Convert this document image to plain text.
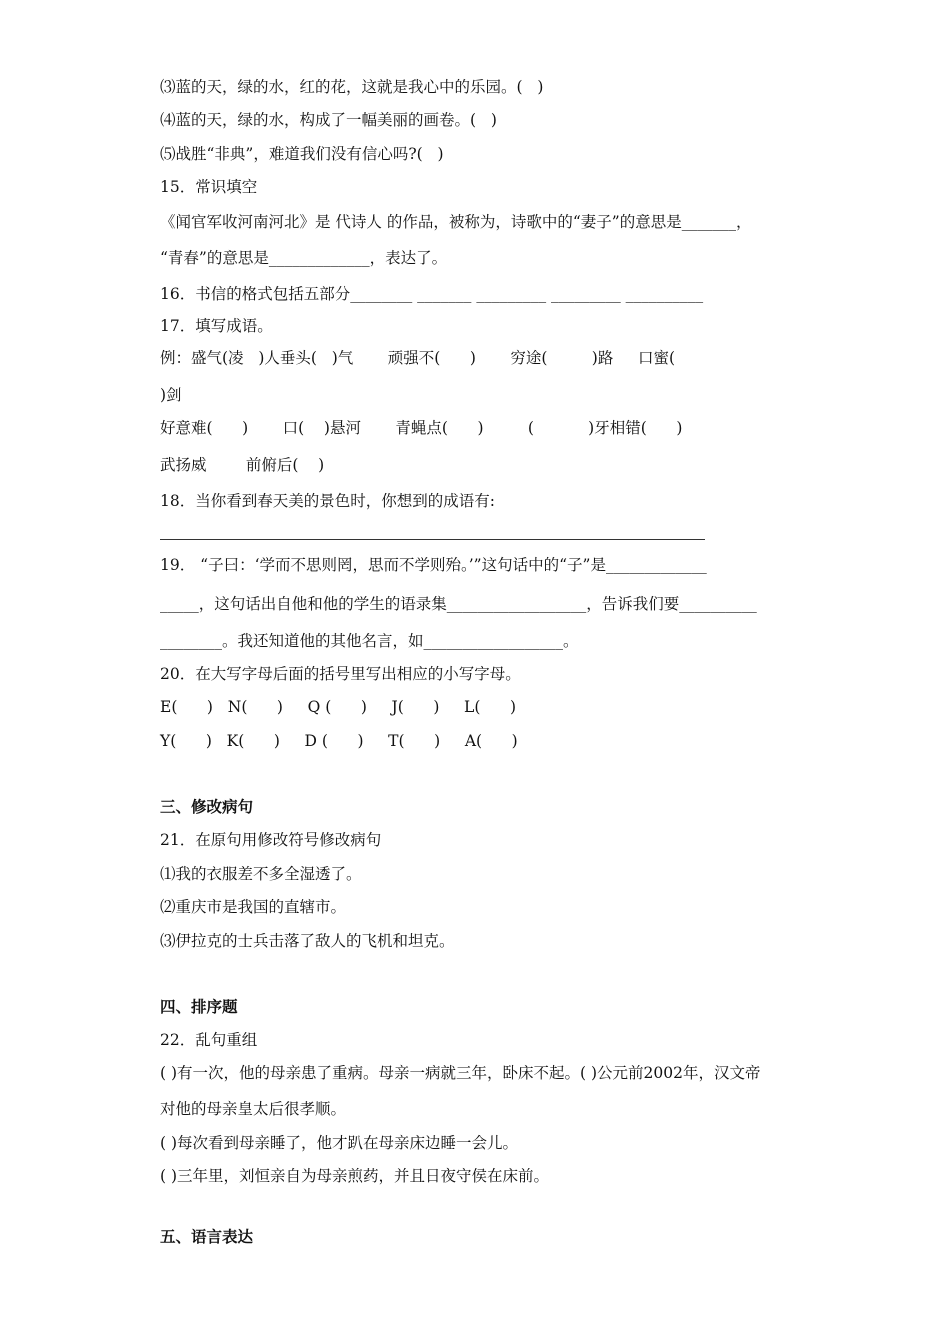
⑶蓝的天，绿的水，红的花，这就是我心中的乐园。(   )
⑷蓝的天，绿的水，构成了一幅美丽的画卷。(   )
⑸战胜“非典”，难道我们没有信心吗?(   )
15．常识填空
《闻官军收河南河北》是 代诗人 的作品，被称为，诗歌中的“妻子”的意思是_______，
“青春”的意思是_____________，表达了。
16．书信的格式包括五部分________ _______ _________ _________ __________
17．填写成语。
例：盛气(凌   )人垂头(   )气       顽强不(      )       穷途(         )路     口蜜(
)剑
好意难(      )       口(    )悬河       青蝇点(      )         (           )牙相错(      )
武扬威        前俯后(    )
18．当你看到春天美的景色时，你想到的成语有:
19． “子曰：‘学而不思则罔，思而不学则殆。’”这句话中的“子”是_____________
_____，这句话出自他和他的学生的语录集__________________，告诉我们要__________
________。我还知道他的其他名言，如__________________。
20．在大写字母后面的括号里写出相应的小写字母。
E(      )   N(      )     Q (      )     J(      )     L(      )
Y(      )   K(      )     D (      )     T(      )     A(      )
三、修改病句
21．在原句用修改符号修改病句
⑴我的衣服差不多全湿透了。
⑵重庆市是我国的直辖市。
⑶伊拉克的士兵击落了敌人的飞机和坦克。
四、排序题
22．乱句重组
( )有一次，他的母亲患了重病。母亲一病就三年，卧床不起。( )公元前2002年，汉文帝
对他的母亲皇太后很孝顺。
( )每次看到母亲睡了，他才趴在母亲床边睡一会儿。
( )三年里，刘恒亲自为母亲煎药，并且日夜守侯在床前。
五、语言表达
